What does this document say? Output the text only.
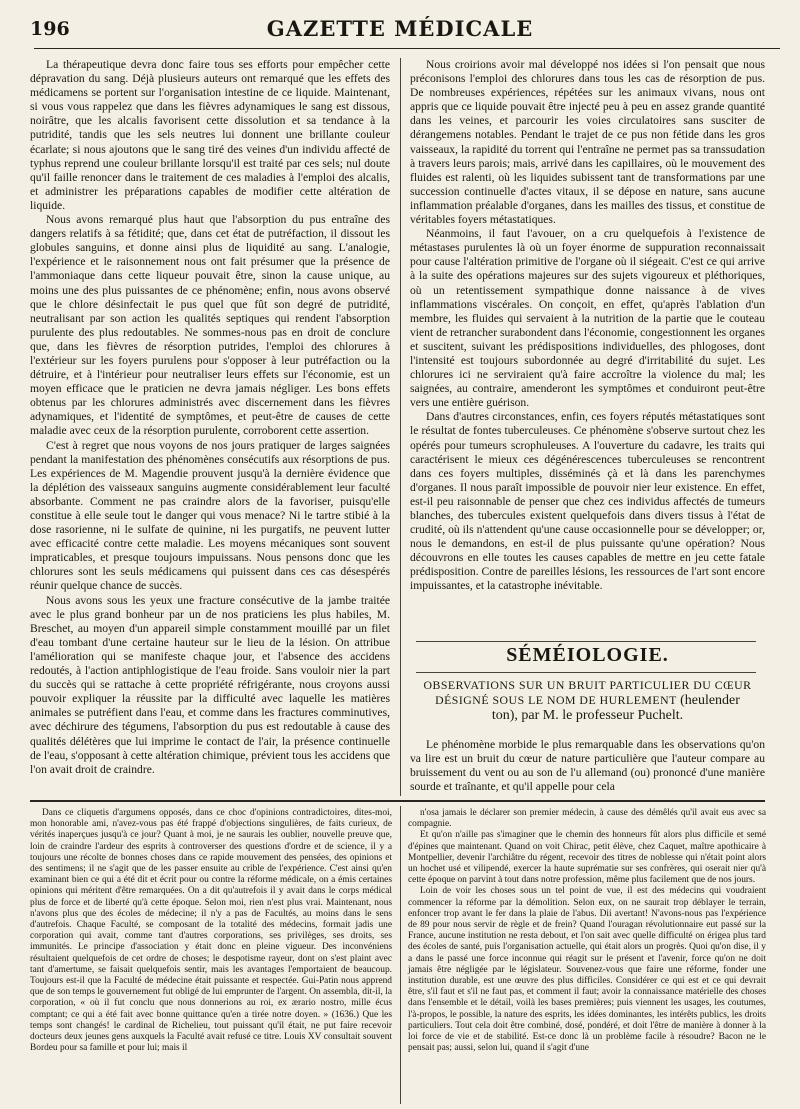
196	GAZETTE MÉDICALE

La thérapeutique devra donc faire tous ses efforts pour empêcher cette dépravation du sang. Déjà plusieurs auteurs ont remarqué que les effets des médicamens se portent sur l'organisation intestine de ce liquide. Maintenant, si vous vous rappelez que dans les fièvres adynamiques le sang est dissous, noirâtre, que les alcalis favorisent cette dissolution et sa tendance à la putridité, tandis que les sels neutres lui donnent une brillante couleur écarlate; si nous ajoutons que le sang tiré des veines d'un individu affecté de typhus reprend une couleur brillante lorsqu'il est traité par ces sels; nul doute qu'il faille renoncer dans le traitement de ces maladies à l'emploi des alcalis, et administrer les préparations capables de modifier cette altération de liquide.

Nous avons remarqué plus haut que l'absorption du pus entraîne des dangers relatifs à sa fétidité; que, dans cet état de putréfaction, il dissout les globules sanguins, et donne ainsi plus de liquidité au sang. L'analogie, l'expérience et le raisonnement nous ont fait présumer que la présence de l'ammoniaque dans cette liqueur pouvait être, sinon la cause unique, au moins une des plus puissantes de ce phénomène; enfin, nous avons observé que le chlore désinfectait le pus quel que fût son degré de putridité, neutralisant par son action les qualités septiques qui rendent l'absorption purulente des plus redoutables. Ne sommes-nous pas en droit de conclure que, dans les fièvres de résorption putrides, l'emploi des chlorures à l'extérieur sur les foyers purulens pour s'opposer à leur putréfaction ou la détruire, et à l'intérieur pour neutraliser leurs effets sur l'économie, est un moyen efficace que le praticien ne devra jamais négliger. Les bons effets obtenus par les chlorures administrés avec discernement dans les fièvres adynamiques, et l'identité de symptômes, et peut-être de causes de cette maladie avec ceux de la résorption purulente, corroborent cette assertion.

C'est à regret que nous voyons de nos jours pratiquer de larges saignées pendant la manifestation des phénomènes consécutifs aux résorptions de pus. Les expériences de M. Magendie prouvent jusqu'à la dernière évidence que la déplétion des vaisseaux sanguins augmente considérablement leur faculté absorbante. Comment ne pas craindre alors de la favoriser, puisqu'elle constitue à elle seule tout le danger qui vous menace? Ni le tartre stibié à la dose rasorienne, ni le sulfate de quinine, ni les purgatifs, ne peuvent lutter avec efficacité contre cette maladie. Les moyens mécaniques sont souvent impraticables, et presque toujours impuissans. Nous pensons donc que les chlorures sont les seuls médicamens qui puissent dans ces cas désespérés réunir quelque chance de succès.

Nous avons sous les yeux une fracture consécutive de la jambe traitée avec le plus grand bonheur par un de nos praticiens les plus habiles, M. Breschet, au moyen d'un appareil simple constamment mouillé par un filet d'eau tombant d'une certaine hauteur sur le lieu de la lésion. On attribue l'amélioration qui se manifeste chaque jour, et l'absence des accidens redoutés, à l'action antiphlogistique de l'eau froide. Sans vouloir nier la part du succès qui se rattache à cette propriété réfrigérante, nous croyons aussi pouvoir expliquer la réussite par la difficulté avec laquelle les matières animales se putréfient dans l'eau, et comme dans les fractures comminutives, avec déchirure des tégumens, l'absorption du pus est redoutable à cause des qualités délétères que lui imprime le contact de l'air, la présence continuelle de l'eau, s'opposant à cette altération chimique, prévient tous les accidens que l'on avait droit de craindre.

Nous croirions avoir mal développé nos idées si l'on pensait que nous préconisons l'emploi des chlorures dans tous les cas de résorption de pus. De nombreuses expériences, répétées sur les animaux vivans, nous ont appris que ce liquide pouvait être injecté peu à peu en assez grande quantité dans les veines, et parcourir les voies circulatoires sans susciter de dérangemens notables. Pendant le trajet de ce pus non fétide dans les gros vaisseaux, la rapidité du torrent qui l'entraîne ne permet pas sa transsudation à travers leurs parois; mais, arrivé dans les capillaires, où le mouvement des fluides est ralenti, où les liquides subissent tant de transformations par une succession continuelle d'actes vitaux, il se dépose en nature, sans aucune inflammation préalable d'organes, dans les mailles des tissus, et constitue de véritables foyers métastatiques.

Néanmoins, il faut l'avouer, on a cru quelquefois à l'existence de métastases purulentes là où un foyer énorme de suppuration reconnaissait pour cause l'altération primitive de l'organe où il siégeait. C'est ce qui arrive à la suite des opérations majeures sur des sujets vigoureux et pléthoriques, où un retentissement sympathique donne naissance à de vives inflammations viscérales. On conçoit, en effet, qu'après l'ablation d'un membre, les fluides qui servaient à la nutrition de la partie que le couteau vient de retrancher surabondent dans l'économie, congestionnent les organes et suscitent, suivant les prédispositions individuelles, des phlogoses, dont l'intensité est toujours subordonnée au degré d'irritabilité du sujet. Les chlorures ici ne serviraient qu'à faire accroître la violence du mal; les saignées, au contraire, amenderont les symptômes et conduiront peut-être vers une entière guérison.

Dans d'autres circonstances, enfin, ces foyers réputés métastatiques sont le résultat de fontes tuberculeuses. Ce phénomène s'observe surtout chez les opérés pour tumeurs scrophuleuses. A l'ouverture du cadavre, les traits qui caractérisent le mieux ces dégénérescences tuberculeuses se rencontrent dans ces foyers multiples, disséminés çà et là dans les parenchymes d'organes. Il nous paraît impossible de pouvoir nier leur existence. En effet, est-il peu raisonnable de penser que chez ces individus affectés de tumeurs blanches, des tubercules existent quelquefois dans divers tissus à l'état de crudité, où ils n'attendent qu'une cause occasionnelle pour se développer; or, nous le demandons, en est-il de plus puissante qu'une opération? Nous découvrons en elle toutes les causes capables de mettre en jeu cette fatale prédisposition. Contre de pareilles lésions, les ressources de l'art sont encore impuissantes, et la catastrophe inévitable.

SÉMÉIOLOGIE.
OBSERVATIONS SUR UN BRUIT PARTICULIER DU CŒUR
DÉSIGNÉ SOUS LE NOM DE HURLEMENT (heulender
ton), par M. le professeur Puchelt.

Le phénomène morbide le plus remarquable dans les observations qu'on va lire est un bruit du cœur de nature particulière que l'auteur compare au bruissement du vent ou au son de l'u allemand (ou) prononcé d'une manière sourde et traînante, et qu'il appelle pour cela

Dans ce cliquetis d'argumens opposés, dans ce choc d'opinions contradictoires, dites-moi, mon honorable ami, n'avez-vous pas été frappé d'objections singulières, de faits curieux, de vérités inaperçues jusqu'à ce jour? Quant à moi, je ne saurais les oublier, nouvelle preuve que, loin de craindre l'ardeur des esprits à controverser des questions d'ordre et de science, il y a toujours une récolte de bonnes choses dans ce rapide mouvement des pensées, des opinions et des sentimens; il ne s'agit que de les passer ensuite au crible de l'expérience. C'est ainsi qu'en examinant bien ce qui a été dit et écrit pour ou contre la réforme médicale, on a émis certaines opinions qui méritent d'être remarquées. On a dit qu'autrefois il y avait dans le corps médical plus de force et de liberté qu'à cette époque. Selon moi, rien n'est plus vrai. Maintenant, nous n'avons plus que des écoles de médecine; il n'y a pas de Facultés, au moins dans le sens d'autrefois. Chaque Faculté, se composant de la totalité des médecins, formait jadis une corporation qui avait, comme tant d'autres corporations, ses privilèges, ses droits, ses immunités. Le principe d'association y était donc en pleine vigueur. Des inconvéniens résultaient quelquefois de cet ordre de choses; le despotisme rayeur, dont on s'est plaint avec tant d'amertume, se faisait quelquefois sentir, mais les avantages l'emportaient de beaucoup. Toujours est-il que la Faculté de médecine était puissante et respectée. Gui-Patin nous apprend que de son temps le gouvernement fut obligé de lui emprunter de l'argent. On assembla, dit-il, la corporation, « où il fut conclu que nous donnerions au roi, ex ærario nostro, mille écus comptant; ce qui a été fait avec bonne quittance qu'en a tirée notre doyen. » (1636.) Que les temps sont changés! le cardinal de Richelieu, tout puissant qu'il était, ne put faire recevoir docteurs deux jeunes gens auxquels la Faculté avait refusé ce titre. Louis XV consultait souvent Bordeu pour sa famille et pour lui; mais il

n'osa jamais le déclarer son premier médecin, à cause des démêlés qu'il avait eus avec sa compagnie.

Et qu'on n'aille pas s'imaginer que le chemin des honneurs fût alors plus difficile et semé d'épines que maintenant. Quand on voit Chirac, petit élève, chez Caquet, maître apothicaire à Montpellier, devenir l'archiâtre du régent, recevoir des titres de noblesse qui n'était point alors un hochet usé et vilipendé, exercer la haute suprématie sur ses confrères, qui oserait nier qu'à cette époque on parvint à tout dans notre profession, même plus facilement que de nos jours.

Loin de voir les choses sous un tel point de vue, il est des médecins qui voudraient commencer la réforme par la démolition. Selon eux, on ne saurait trop déblayer le terrain, enfoncer trop avant le fer dans la plaie de l'abus. Dii avertant! N'avons-nous pas l'expérience de 89 pour nous servir de règle et de frein? Quand l'ouragan révolutionnaire eut passé sur la France, aucune institution ne resta debout, et l'on sait avec quelle difficulté on érigea plus tard des écoles de santé, puis l'organisation actuelle, qui était alors un progrès. Quoi qu'on dise, il y a dans le passé une force inconnue qui réagit sur le présent et l'avenir, force qu'on ne doit jamais être négligée par le législateur. Souvenez-vous que faire une réforme, fonder une institution durable, est une œuvre des plus difficiles. Considérer ce qui est et ce qui devrait être, s'il faut et s'il ne faut pas, et comment il faut; avoir la connaissance matérielle des choses dans l'ensemble et le détail, voilà les bases premières; puis viennent les usages, les coutumes, l'à-propos, le possible, la nature des esprits, les idées dominantes, les intérêts publics, les droits particuliers. Tout cela doit être combiné, dosé, pondéré, et doit l'être de manière à donner à la loi force de vie et de stabilité. Est-ce donc là un problème facile à résoudre? Bacon ne le pensait pas; aussi, selon lui, quand il s'agit d'une
